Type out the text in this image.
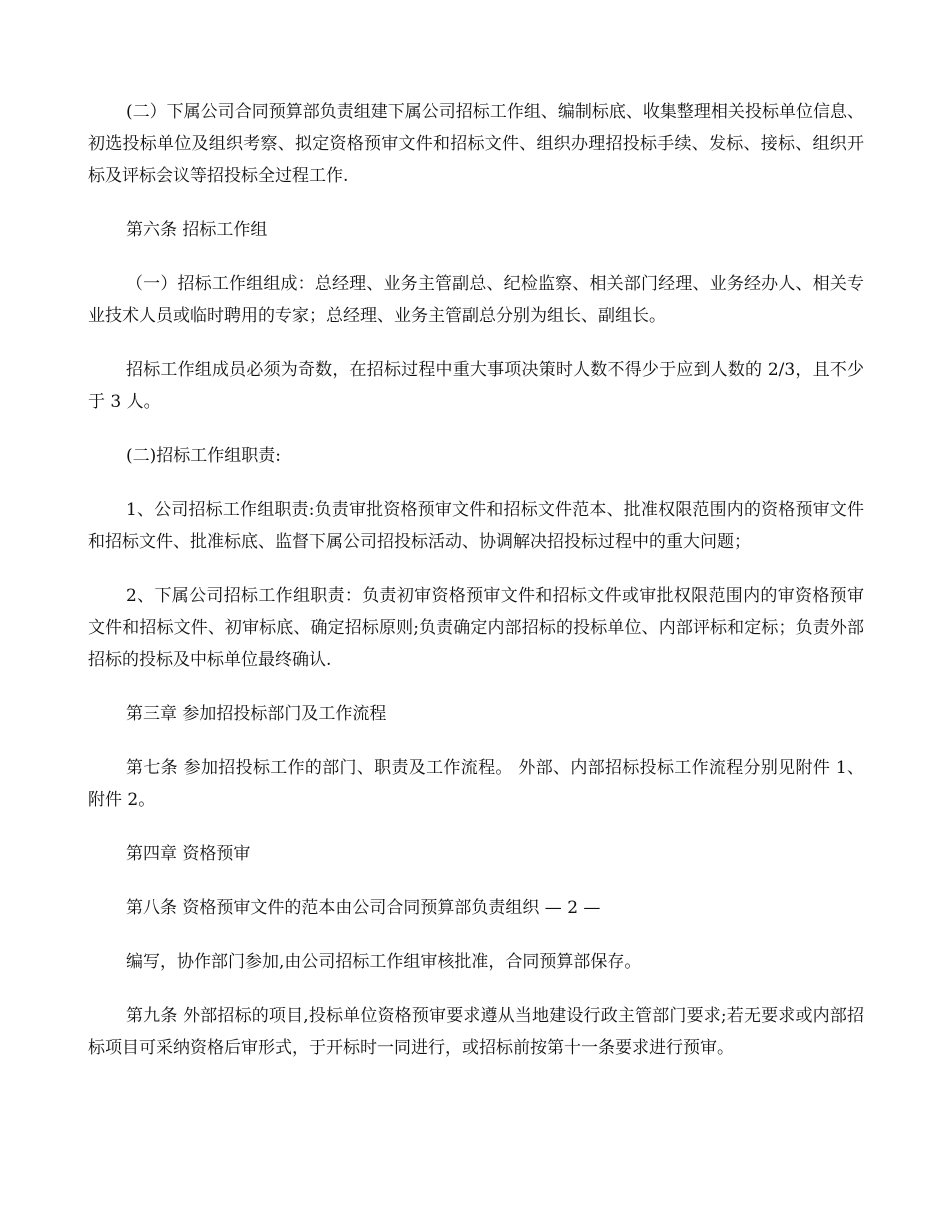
(二）下属公司合同预算部负责组建下属公司招标工作组、编制标底、收集整理相关投标单位信息、初选投标单位及组织考察、拟定资格预审文件和招标文件、组织办理招投标手续、发标、接标、组织开标及评标会议等招投标全过程工作.

第六条 招标工作组

（一）招标工作组组成：总经理、业务主管副总、纪检监察、相关部门经理、业务经办人、相关专业技术人员或临时聘用的专家；总经理、业务主管副总分别为组长、副组长。

招标工作组成员必须为奇数，在招标过程中重大事项决策时人数不得少于应到人数的 2/3，且不少于 3 人。

(二)招标工作组职责:

1、公司招标工作组职责:负责审批资格预审文件和招标文件范本、批准权限范围内的资格预审文件和招标文件、批准标底、监督下属公司招投标活动、协调解决招投标过程中的重大问题；

2、下属公司招标工作组职责：负责初审资格预审文件和招标文件或审批权限范围内的审资格预审文件和招标文件、初审标底、确定招标原则;负责确定内部招标的投标单位、内部评标和定标；负责外部招标的投标及中标单位最终确认.

第三章 参加招投标部门及工作流程

第七条 参加招投标工作的部门、职责及工作流程。 外部、内部招标投标工作流程分别见附件 1、附件 2。

第四章 资格预审

第八条 资格预审文件的范本由公司合同预算部负责组织 — 2 —

编写，协作部门参加,由公司招标工作组审核批准，合同预算部保存。

第九条 外部招标的项目,投标单位资格预审要求遵从当地建设行政主管部门要求;若无要求或内部招标项目可采纳资格后审形式，于开标时一同进行，或招标前按第十一条要求进行预审。
